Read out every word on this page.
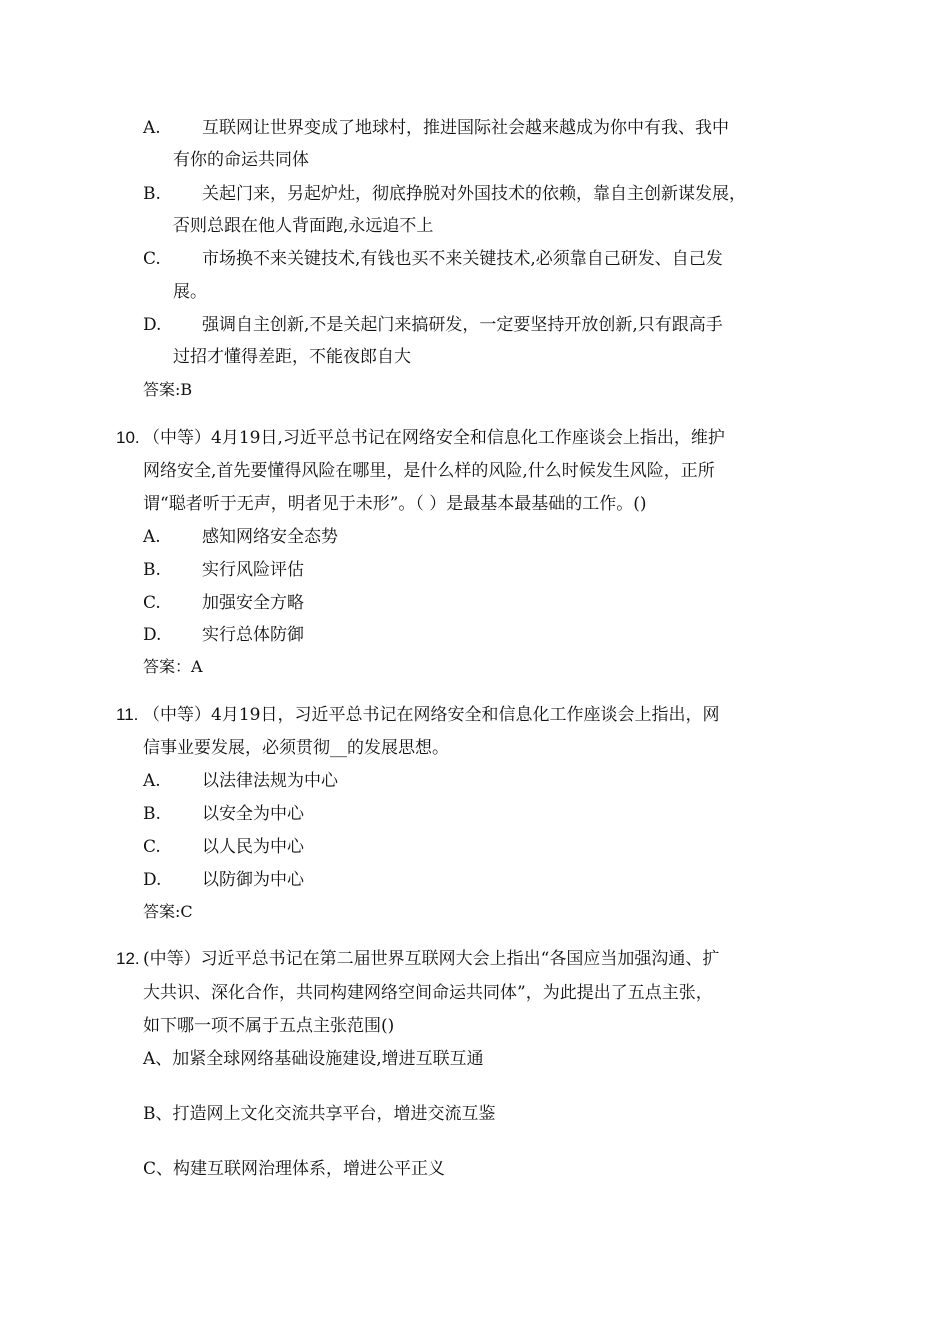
A. 互联网让世界变成了地球村，推进国际社会越来越成为你中有我、我中
有你的命运共同体
B. 关起门来，另起炉灶，彻底挣脱对外国技术的依赖，靠自主创新谋发展，
否则总跟在他人背面跑,永远追不上
C. 市场换不来关键技术,有钱也买不来关键技术,必须靠自己研发、自己发
展。
D. 强调自主创新,不是关起门来搞研发，一定要坚持开放创新,只有跟高手
过招才懂得差距，不能夜郎自大
答案:B
10. （中等）4月19日,习近平总书记在网络安全和信息化工作座谈会上指出，维护
网络安全,首先要懂得风险在哪里，是什么样的风险,什么时候发生风险，正所
谓“聪者听于无声，明者见于未形”。（ ）是最基本最基础的工作。()
A. 感知网络安全态势
B. 实行风险评估
C. 加强安全方略
D. 实行总体防御
答案：A
11. （中等）4月19日，习近平总书记在网络安全和信息化工作座谈会上指出，网
信事业要发展，必须贯彻__的发展思想。
A. 以法律法规为中心
B. 以安全为中心
C. 以人民为中心
D. 以防御为中心
答案:C
12. (中等）习近平总书记在第二届世界互联网大会上指出“各国应当加强沟通、扩
大共识、深化合作，共同构建网络空间命运共同体”，为此提出了五点主张，
如下哪一项不属于五点主张范围()
A、加紧全球网络基础设施建设,增进互联互通
B、打造网上文化交流共享平台，增进交流互鉴
C、构建互联网治理体系，增进公平正义
